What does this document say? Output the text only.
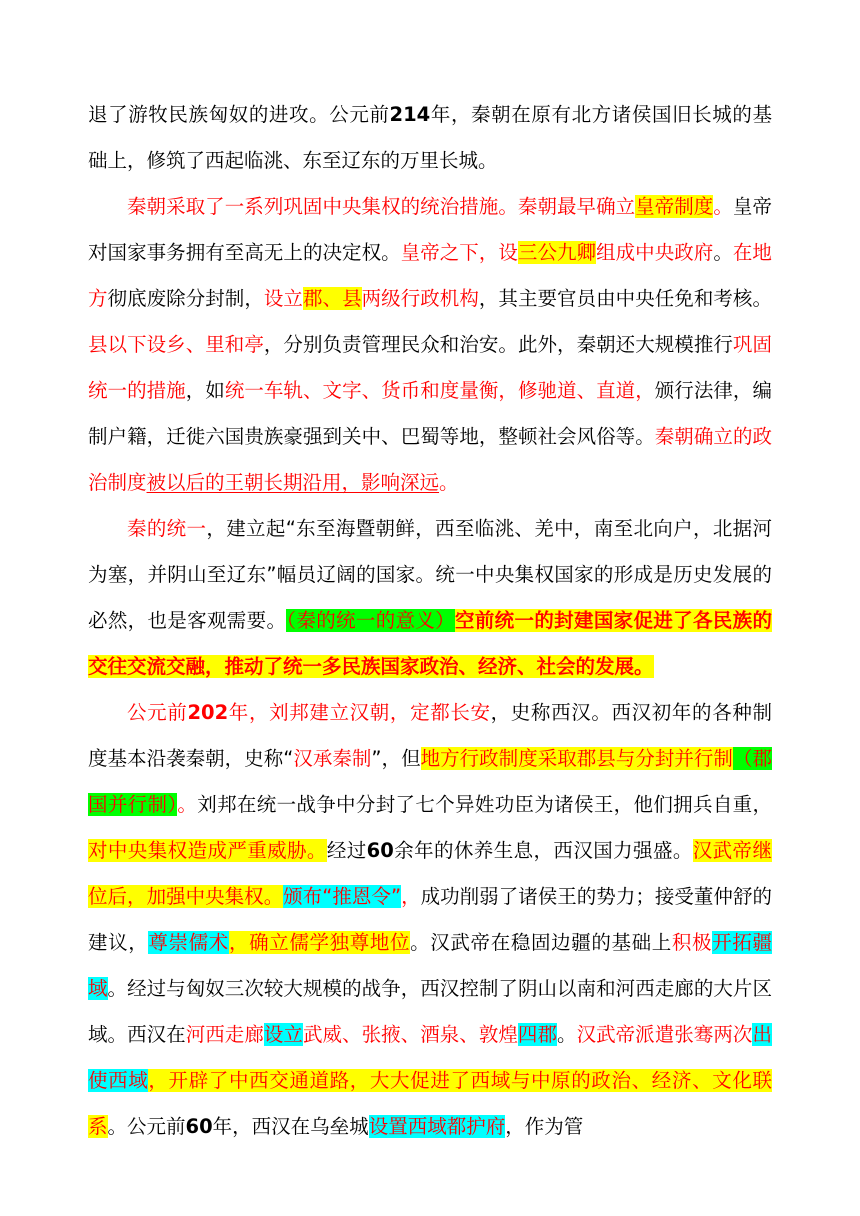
退了游牧民族匈奴的进攻。公元前214年，秦朝在原有北方诸侯国旧长城的基础上，修筑了西起临洮、东至辽东的万里长城。

秦朝采取了一系列巩固中央集权的统治措施。秦朝最早确立皇帝制度。皇帝对国家事务拥有至高无上的决定权。皇帝之下，设三公九卿组成中央政府。在地方彻底废除分封制，设立郡、县两级行政机构，其主要官员由中央任免和考核。县以下设乡、里和亭，分别负责管理民众和治安。此外，秦朝还大规模推行巩固统一的措施，如统一车轨、文字、货币和度量衡，修驰道、直道，颁行法律，编制户籍，迁徙六国贵族豪强到关中、巴蜀等地，整顿社会风俗等。秦朝确立的政治制度被以后的王朝长期沿用，影响深远。

秦的统一，建立起“东至海暨朝鲜，西至临洮、羌中，南至北向户，北据河为塞，并阴山至辽东”幅员辽阔的国家。统一中央集权国家的形成是历史发展的必然，也是客观需要。（秦的统一的意义）空前统一的封建国家促进了各民族的交往交流交融，推动了统一多民族国家政治、经济、社会的发展。

公元前202年，刘邦建立汉朝，定都长安，史称西汉。西汉初年的各种制度基本沿袭秦朝，史称“汉承秦制”，但地方行政制度采取郡县与分封并行制（郡国并行制）。刘邦在统一战争中分封了七个异姓功臣为诸侯王，他们拥兵自重，对中央集权造成严重威胁。经过60余年的休养生息，西汉国力强盛。汉武帝继位后，加强中央集权。颁布“推恩令”，成功削弱了诸侯王的势力；接受董仲舒的建议，尊崇儒术，确立儒学独尊地位。汉武帝在稳固边疆的基础上积极开拓疆域。经过与匈奴三次较大规模的战争，西汉控制了阴山以南和河西走廊的大片区域。西汉在河西走廊设立武威、张掖、酒泉、敦煌四郡。汉武帝派遣张骞两次出使西域，开辟了中西交通道路，大大促进了西域与中原的政治、经济、文化联系。公元前60年，西汉在乌垒城设置西域都护府，作为管
